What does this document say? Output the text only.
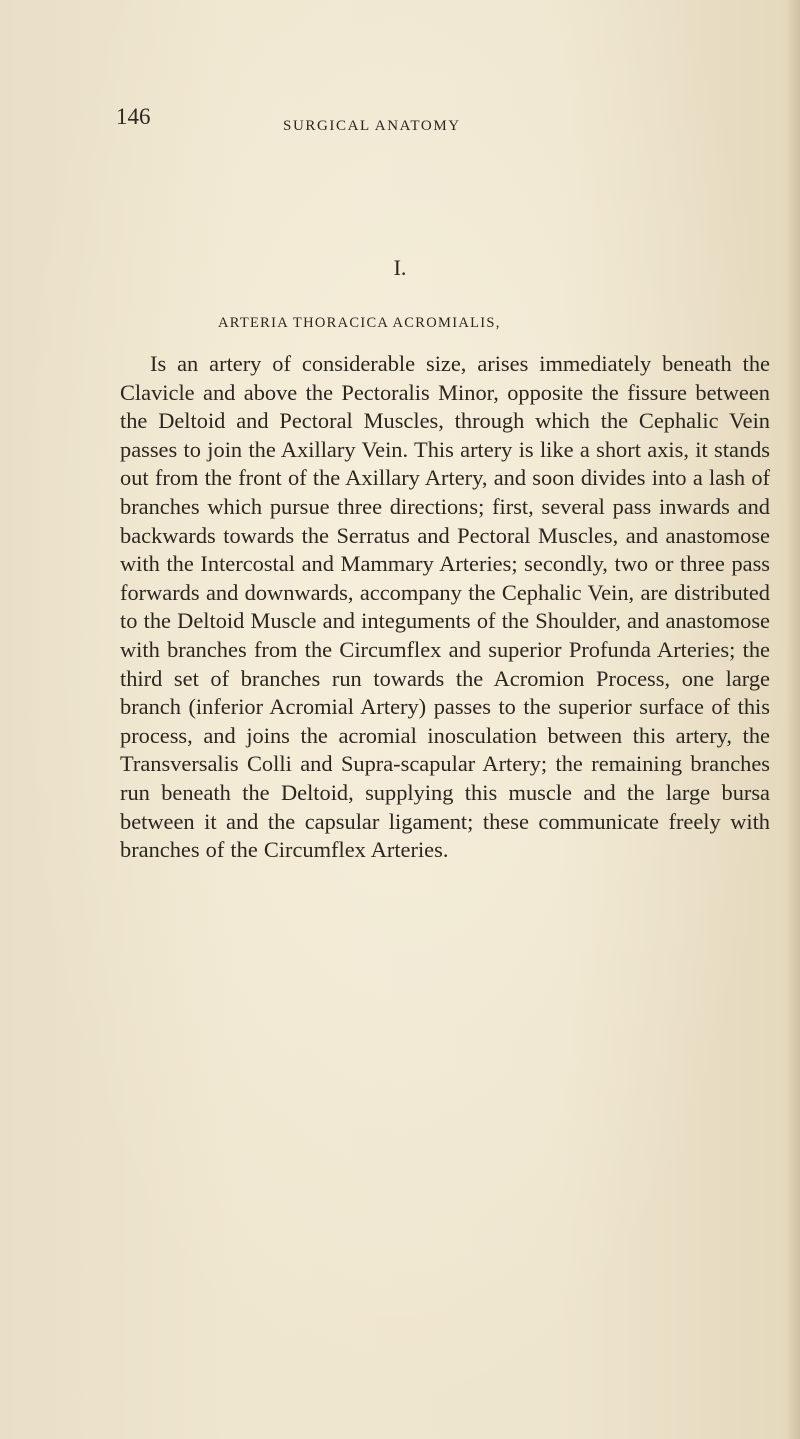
146	SURGICAL ANATOMY

I.

ARTERIA THORACICA ACROMIALIS,

Is an artery of considerable size, arises immediately beneath the Clavicle and above the Pectoralis Minor, opposite the fissure between the Deltoid and Pectoral Muscles, through which the Cephalic Vein passes to join the Axillary Vein. This artery is like a short axis, it stands out from the front of the Axillary Artery, and soon divides into a lash of branches which pursue three directions; first, several pass inwards and backwards towards the Serratus and Pectoral Muscles, and anastomose with the Intercostal and Mammary Arteries; secondly, two or three pass forwards and downwards, accompany the Cephalic Vein, are distributed to the Deltoid Muscle and integuments of the Shoulder, and anastomose with branches from the Circumflex and superior Profunda Arteries; the third set of branches run towards the Acromion Process, one large branch (inferior Acromial Artery) passes to the superior surface of this process, and joins the acromial inosculation between this artery, the Transversalis Colli and Supra-scapular Artery; the remaining branches run beneath the Deltoid, supplying this muscle and the large bursa between it and the capsular ligament; these communicate freely with branches of the Circumflex Arteries.
